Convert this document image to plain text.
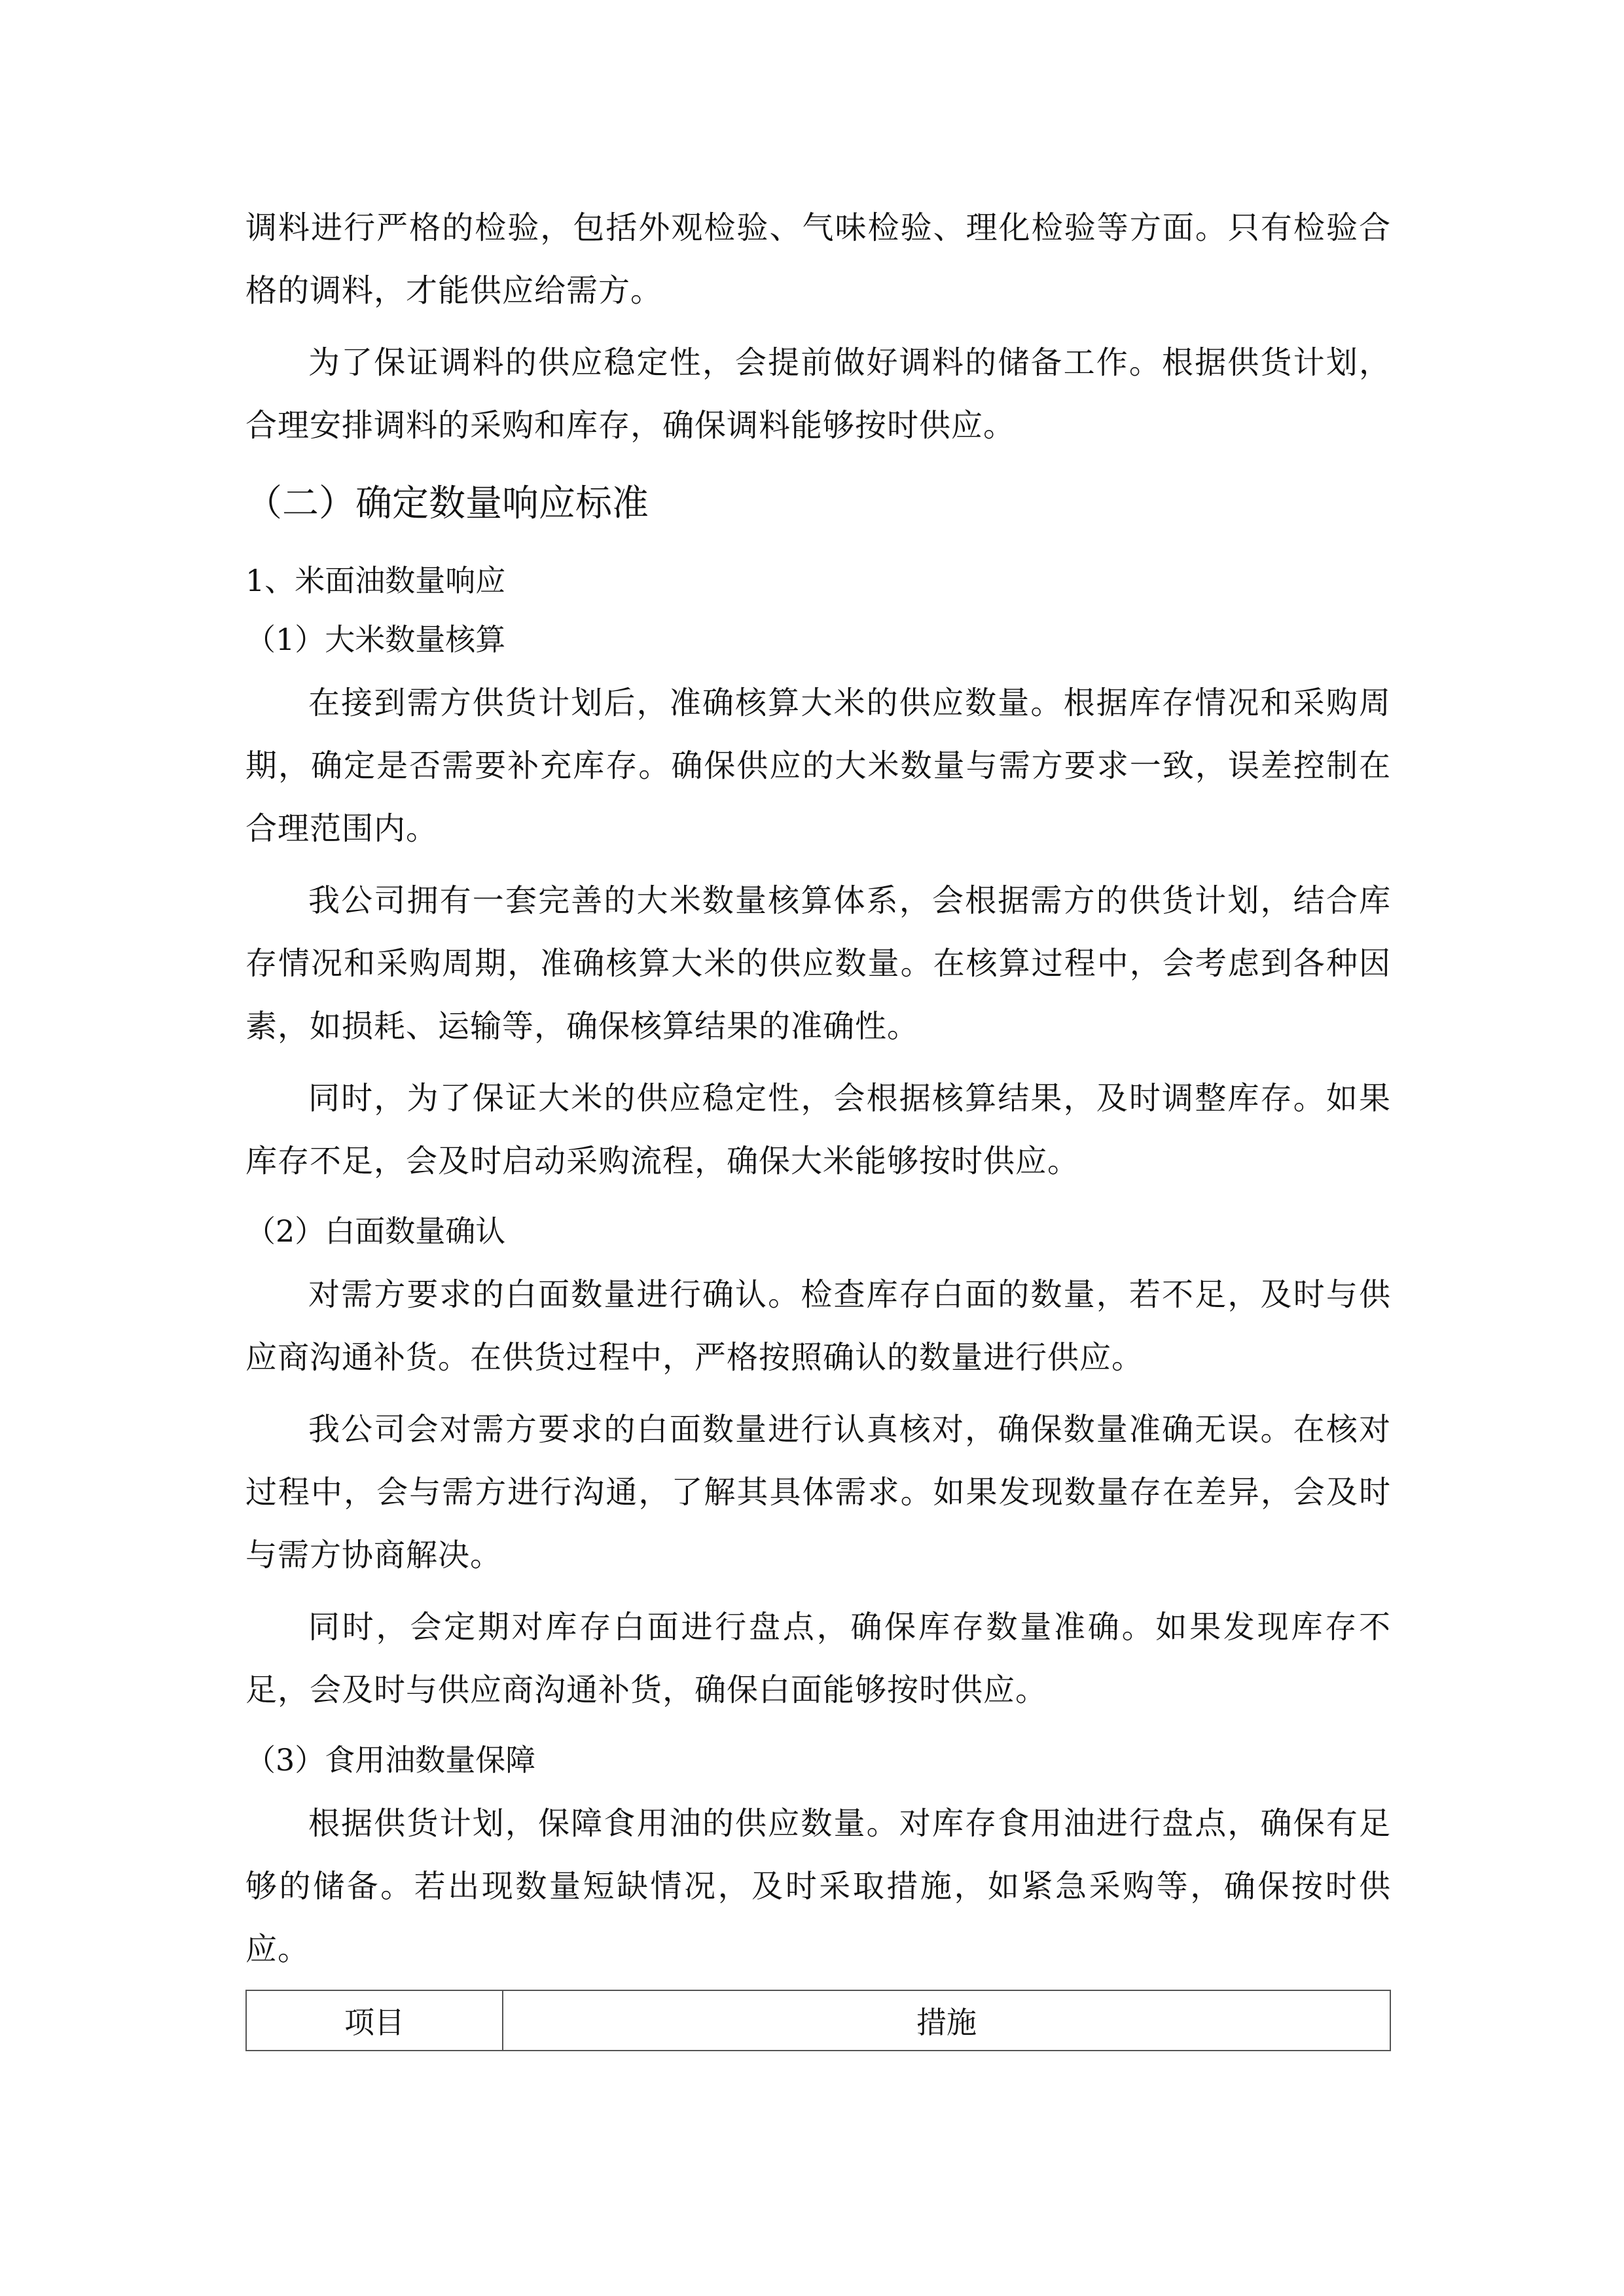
调料进行严格的检验，包括外观检验、气味检验、理化检验等方面。只有检验合格的调料，才能供应给需方。

为了保证调料的供应稳定性，会提前做好调料的储备工作。根据供货计划，合理安排调料的采购和库存，确保调料能够按时供应。

（二）确定数量响应标准
1、米面油数量响应
（1）大米数量核算

在接到需方供货计划后，准确核算大米的供应数量。根据库存情况和采购周期，确定是否需要补充库存。确保供应的大米数量与需方要求一致，误差控制在合理范围内。

我公司拥有一套完善的大米数量核算体系，会根据需方的供货计划，结合库存情况和采购周期，准确核算大米的供应数量。在核算过程中，会考虑到各种因素，如损耗、运输等，确保核算结果的准确性。

同时，为了保证大米的供应稳定性，会根据核算结果，及时调整库存。如果库存不足，会及时启动采购流程，确保大米能够按时供应。

（2）白面数量确认

对需方要求的白面数量进行确认。检查库存白面的数量，若不足，及时与供应商沟通补货。在供货过程中，严格按照确认的数量进行供应。

我公司会对需方要求的白面数量进行认真核对，确保数量准确无误。在核对过程中，会与需方进行沟通，了解其具体需求。如果发现数量存在差异，会及时与需方协商解决。

同时，会定期对库存白面进行盘点，确保库存数量准确。如果发现库存不足，会及时与供应商沟通补货，确保白面能够按时供应。

（3）食用油数量保障

根据供货计划，保障食用油的供应数量。对库存食用油进行盘点，确保有足够的储备。若出现数量短缺情况，及时采取措施，如紧急采购等，确保按时供应。

项目	措施
